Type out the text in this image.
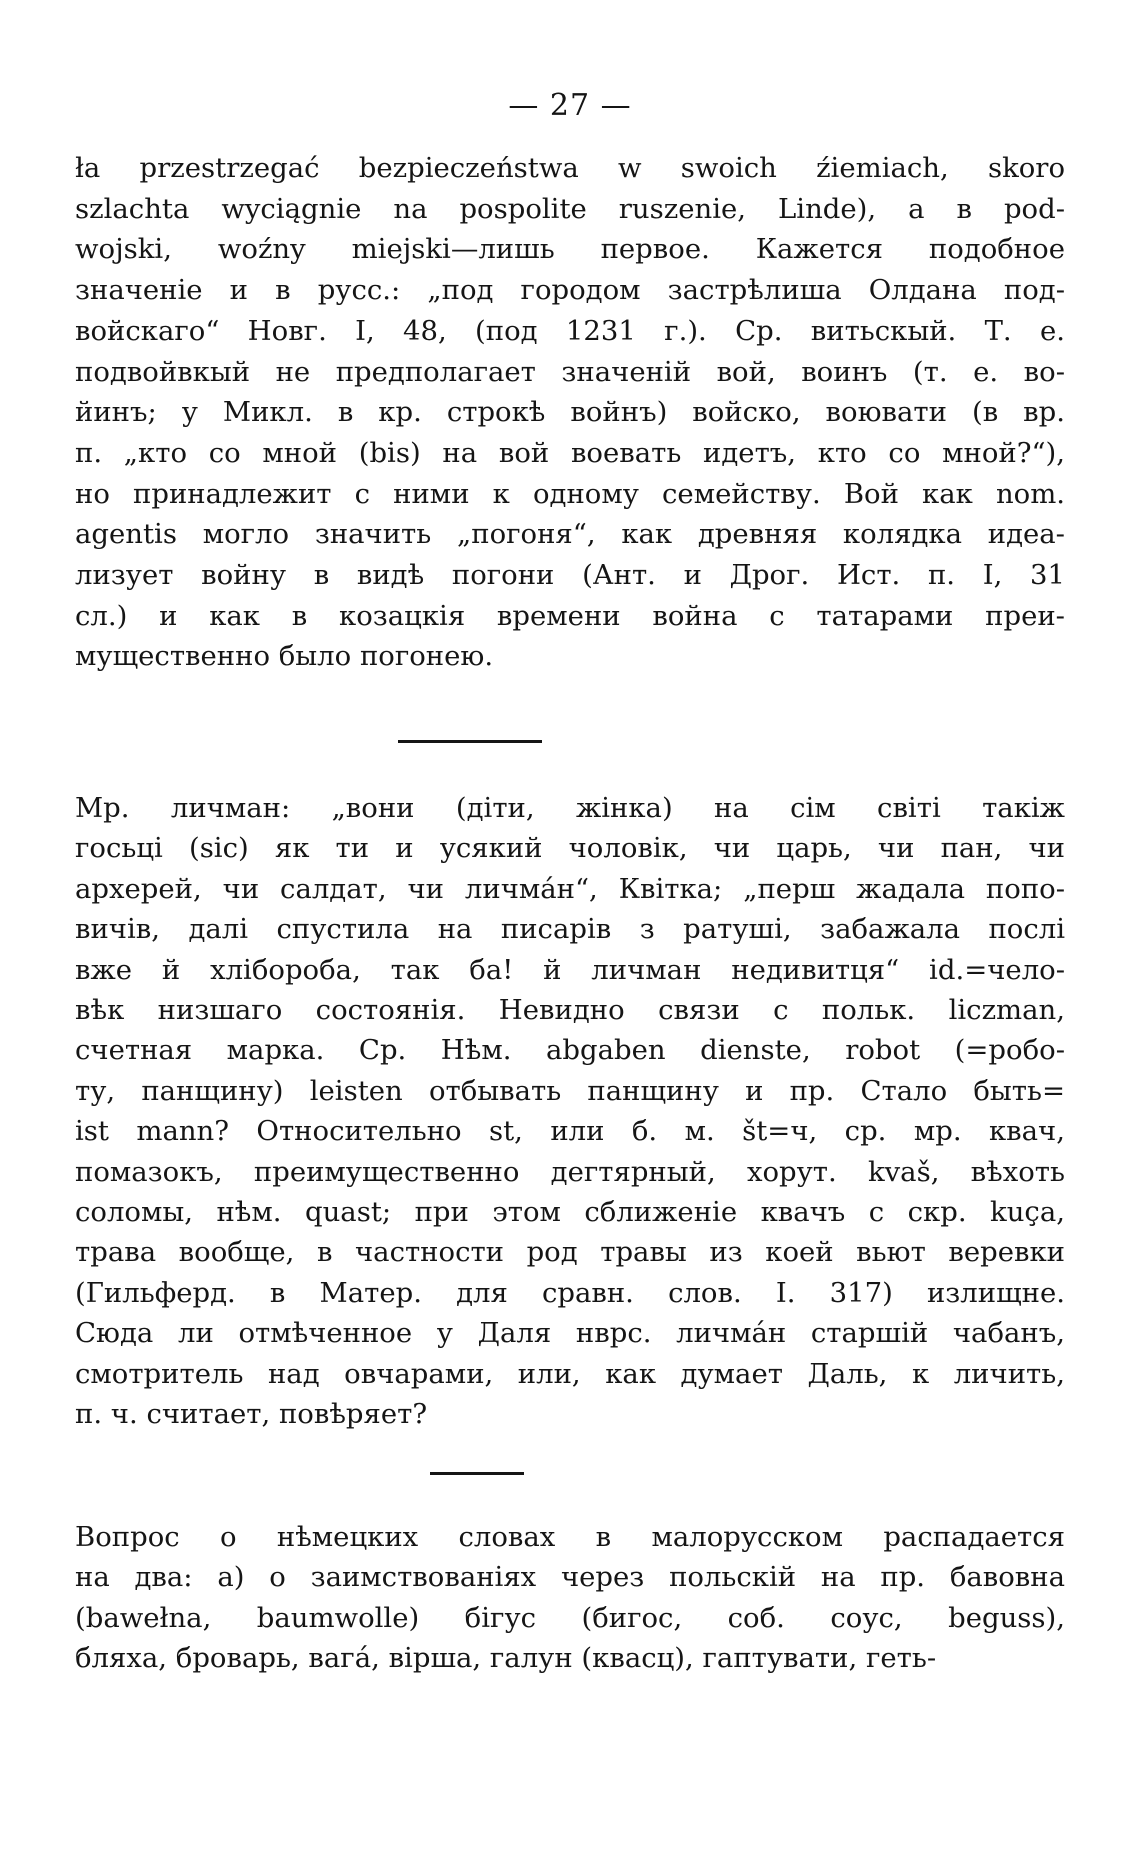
— 27 —
ła przestrzegać bezpieczeństwa w swoich źiemiach, skoro
szlachta wyciągnie na pospolite ruszenie, Linde), a в pod-
wojski, woźny miejski—лишь первое. Кажется подобное
значеніе и в русс.: „под городом застрѣлиша Олдана под-
войскаго“ Новг. I, 48, (под 1231 г.). Ср. витьскый. Т. е.
подвойвкый не предполагает значеній вой, воинъ (т. е. во-
йинъ; у Микл. в кр. строкѣ войнъ) войско, воювати (в вр.
п. „кто со мной (bis) на вой воевать идетъ, кто со мной?“),
но принадлежит с ними к одному семейству. Вой как nom.
agentis могло значить „погоня“, как древняя колядка идеа-
лизует войну в видѣ погони (Ант. и Дрог. Ист. п. I, 31
сл.) и как в козацкія времени война с татарами преи-
мущественно было погонею.
Мр. личман: „вони (діти, жінка) на сім світі такіж
госьці (sic) як ти и усякий чоловік, чи царь, чи пан, чи
архерей, чи салдат, чи личмáн“, Квітка; „перш жадала попо-
вичів, далі спустила на писарів з ратуші, забажала послі
вже й хлібороба, так ба! й личман недивитця“ id.=чело-
вѣк низшаго состоянія. Невидно связи с польк. liczman,
счетная марка. Ср. Нѣм. abgaben dienste, robot (=робо-
ту, панщину) leisten отбывать панщину и пр. Стало быть=
ist mann? Относительно st, или б. м. št=ч, ср. мр. квач,
помазокъ, преимущественно дегтярный, хорут. kvaš, вѣхоть
соломы, нѣм. quast; при этом сближеніе квачъ с скр. kuça,
трава вообще, в частности род травы из коей вьют веревки
(Гильферд. в Матер. для сравн. слов. I. 317) излищне.
Сюда ли отмѣченное у Даля нврс. личмáн старшій чабанъ,
смотритель над овчарами, или, как думает Даль, к личить,
п. ч. считает, повѣряет?
Вопрос о нѣмецких словах в малорусском распадается
на два: а) о заимствованіях через польскій на пр. бавовна
(bawełna, baumwolle) бігус (бигос, соб. соус, beguss),
бляха, броварь, вагá, вірша, галун (квасц), гаптувати, геть-
